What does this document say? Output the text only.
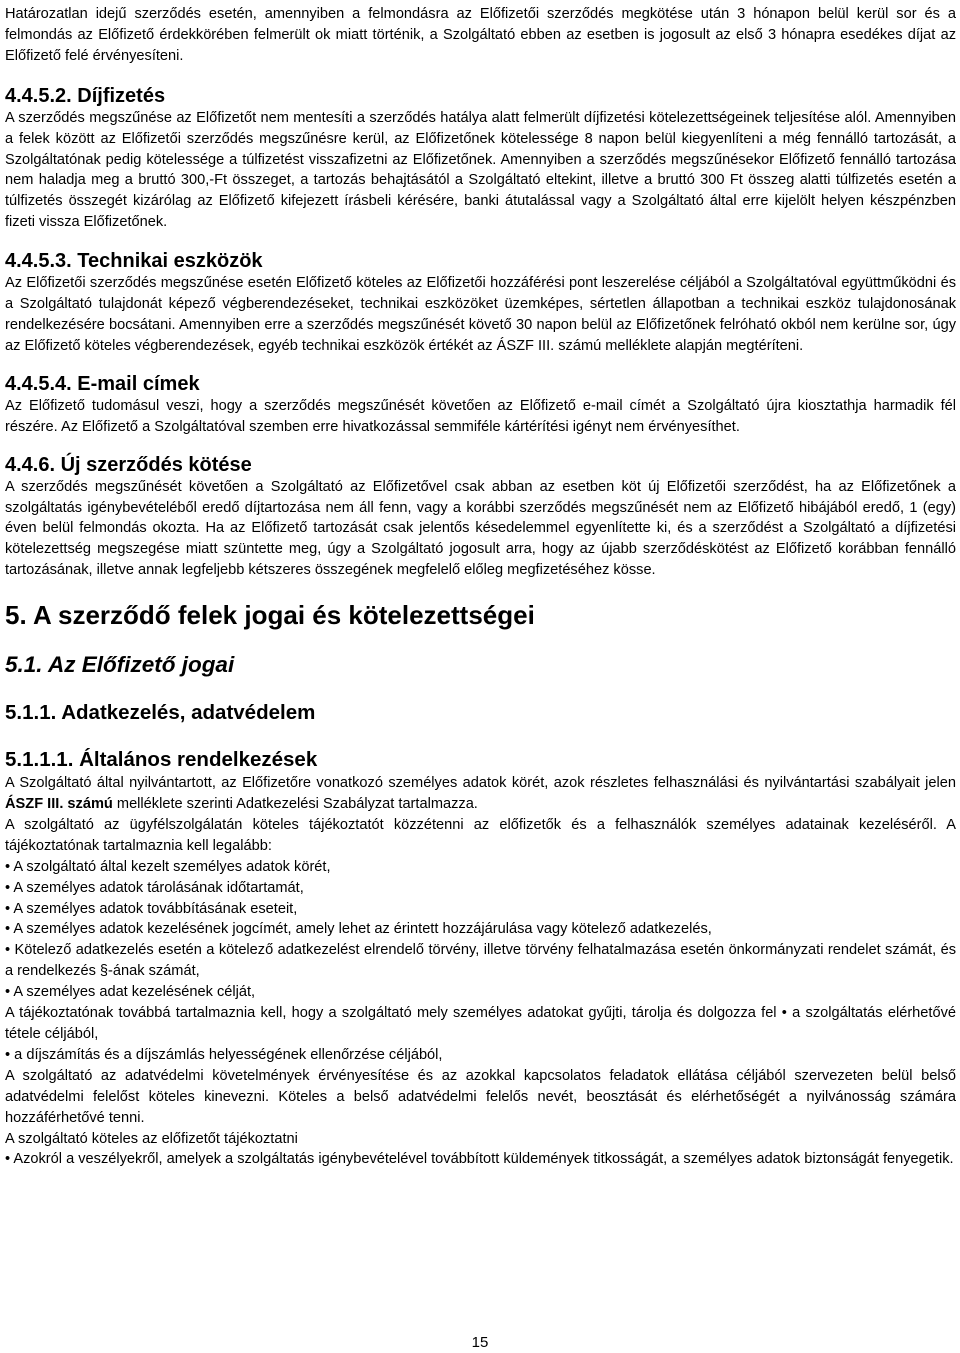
Határozatlan idejű szerződés esetén, amennyiben a felmondásra az Előfizetői szerződés megkötése után 3 hónapon belül kerül sor és a felmondás az Előfizető érdekkörében felmerült ok miatt történik, a Szolgáltató ebben az esetben is jogosult az első 3 hónapra esedékes díjat az Előfizető felé érvényesíteni.

4.4.5.2. Díjfizetés

A szerződés megszűnése az Előfizetőt nem mentesíti a szerződés hatálya alatt felmerült díjfizetési kötelezettségeinek teljesítése alól. Amennyiben a felek között az Előfizetői szerződés megszűnésre kerül, az Előfizetőnek kötelessége 8 napon belül kiegyenlíteni a még fennálló tartozását, a Szolgáltatónak pedig kötelessége a túlfizetést visszafizetni az Előfizetőnek. Amennyiben a szerződés megszűnésekor Előfizető fennálló tartozása nem haladja meg a bruttó 300,-Ft összeget, a tartozás behajtásától a Szolgáltató eltekint, illetve a bruttó 300 Ft összeg alatti túlfizetés esetén a túlfizetés összegét kizárólag az Előfizető kifejezett írásbeli kérésére, banki átutalással vagy a Szolgáltató által erre kijelölt helyen készpénzben fizeti vissza Előfizetőnek.

4.4.5.3. Technikai eszközök

Az Előfizetői szerződés megszűnése esetén Előfizető köteles az Előfizetői hozzáférési pont leszerelése céljából a Szolgáltatóval együttműködni és a Szolgáltató tulajdonát képező végberendezéseket, technikai eszközöket üzemképes, sértetlen állapotban a technikai eszköz tulajdonosának rendelkezésére bocsátani. Amennyiben erre a szerződés megszűnését követő 30 napon belül az Előfizetőnek felróható okból nem kerülne sor, úgy az Előfizető köteles végberendezések, egyéb technikai eszközök értékét az ÁSZF III. számú melléklete alapján megtéríteni.

4.4.5.4. E-mail címek

Az Előfizető tudomásul veszi, hogy a szerződés megszűnését követően az Előfizető e-mail címét a Szolgáltató újra kiosztathja harmadik fél részére. Az Előfizető a Szolgáltatóval szemben erre hivatkozással semmiféle kártérítési igényt nem érvényesíthet.

4.4.6. Új szerződés kötése

A szerződés megszűnését követően a Szolgáltató az Előfizetővel csak abban az esetben köt új Előfizetői szerződést, ha az Előfizetőnek a szolgáltatás igénybevételéből eredő díjtartozása nem áll fenn, vagy a korábbi szerződés megszűnését nem az Előfizető hibájából eredő, 1 (egy) éven belül felmondás okozta. Ha az Előfizető tartozását csak jelentős késedelemmel egyenlítette ki, és a szerződést a Szolgáltató a díjfizetési kötelezettség megszegése miatt szüntette meg, úgy a Szolgáltató jogosult arra, hogy az újabb szerződéskötést az Előfizető korábban fennálló tartozásának, illetve annak legfeljebb kétszeres összegének megfelelő előleg megfizetéséhez kösse.

5. A szerződő felek jogai és kötelezettségei
5.1. Az Előfizető jogai
5.1.1. Adatkezelés, adatvédelem
5.1.1.1. Általános rendelkezések

A Szolgáltató által nyilvántartott, az Előfizetőre vonatkozó személyes adatok körét, azok részletes felhasználási és nyilvántartási szabályait jelen ÁSZF III. számú melléklete szerinti Adatkezelési Szabályzat tartalmazza.

A szolgáltató az ügyfélszolgálatán köteles tájékoztatót közzétenni az előfizetők és a felhasználók személyes adatainak kezeléséről. A tájékoztatónak tartalmaznia kell legalább:

• A szolgáltató által kezelt személyes adatok körét,

• A személyes adatok tárolásának időtartamát,

• A személyes adatok továbbításának eseteit,

• A személyes adatok kezelésének jogcímét, amely lehet az érintett hozzájárulása vagy kötelező adatkezelés,

• Kötelező adatkezelés esetén a kötelező adatkezelést elrendelő törvény, illetve törvény felhatalmazása esetén önkormányzati rendelet számát, és a rendelkezés §-ának számát,

• A személyes adat kezelésének célját,

A tájékoztatónak továbbá tartalmaznia kell, hogy a szolgáltató mely személyes adatokat gyűjti, tárolja és dolgozza fel • a szolgáltatás elérhetővé tétele céljából,

• a díjszámítás és a díjszámlás helyességének ellenőrzése céljából,

A szolgáltató az adatvédelmi követelmények érvényesítése és az azokkal kapcsolatos feladatok ellátása céljából szervezeten belül belső adatvédelmi felelőst köteles kinevezni. Köteles a belső adatvédelmi felelős nevét, beosztását és elérhetőségét a nyilvánosság számára hozzáférhetővé tenni.

A szolgáltató köteles az előfizetőt tájékoztatni

• Azokról a veszélyekről, amelyek a szolgáltatás igénybevételével továbbított küldemények titkosságát, a személyes adatok biztonságát fenyegetik.

15
